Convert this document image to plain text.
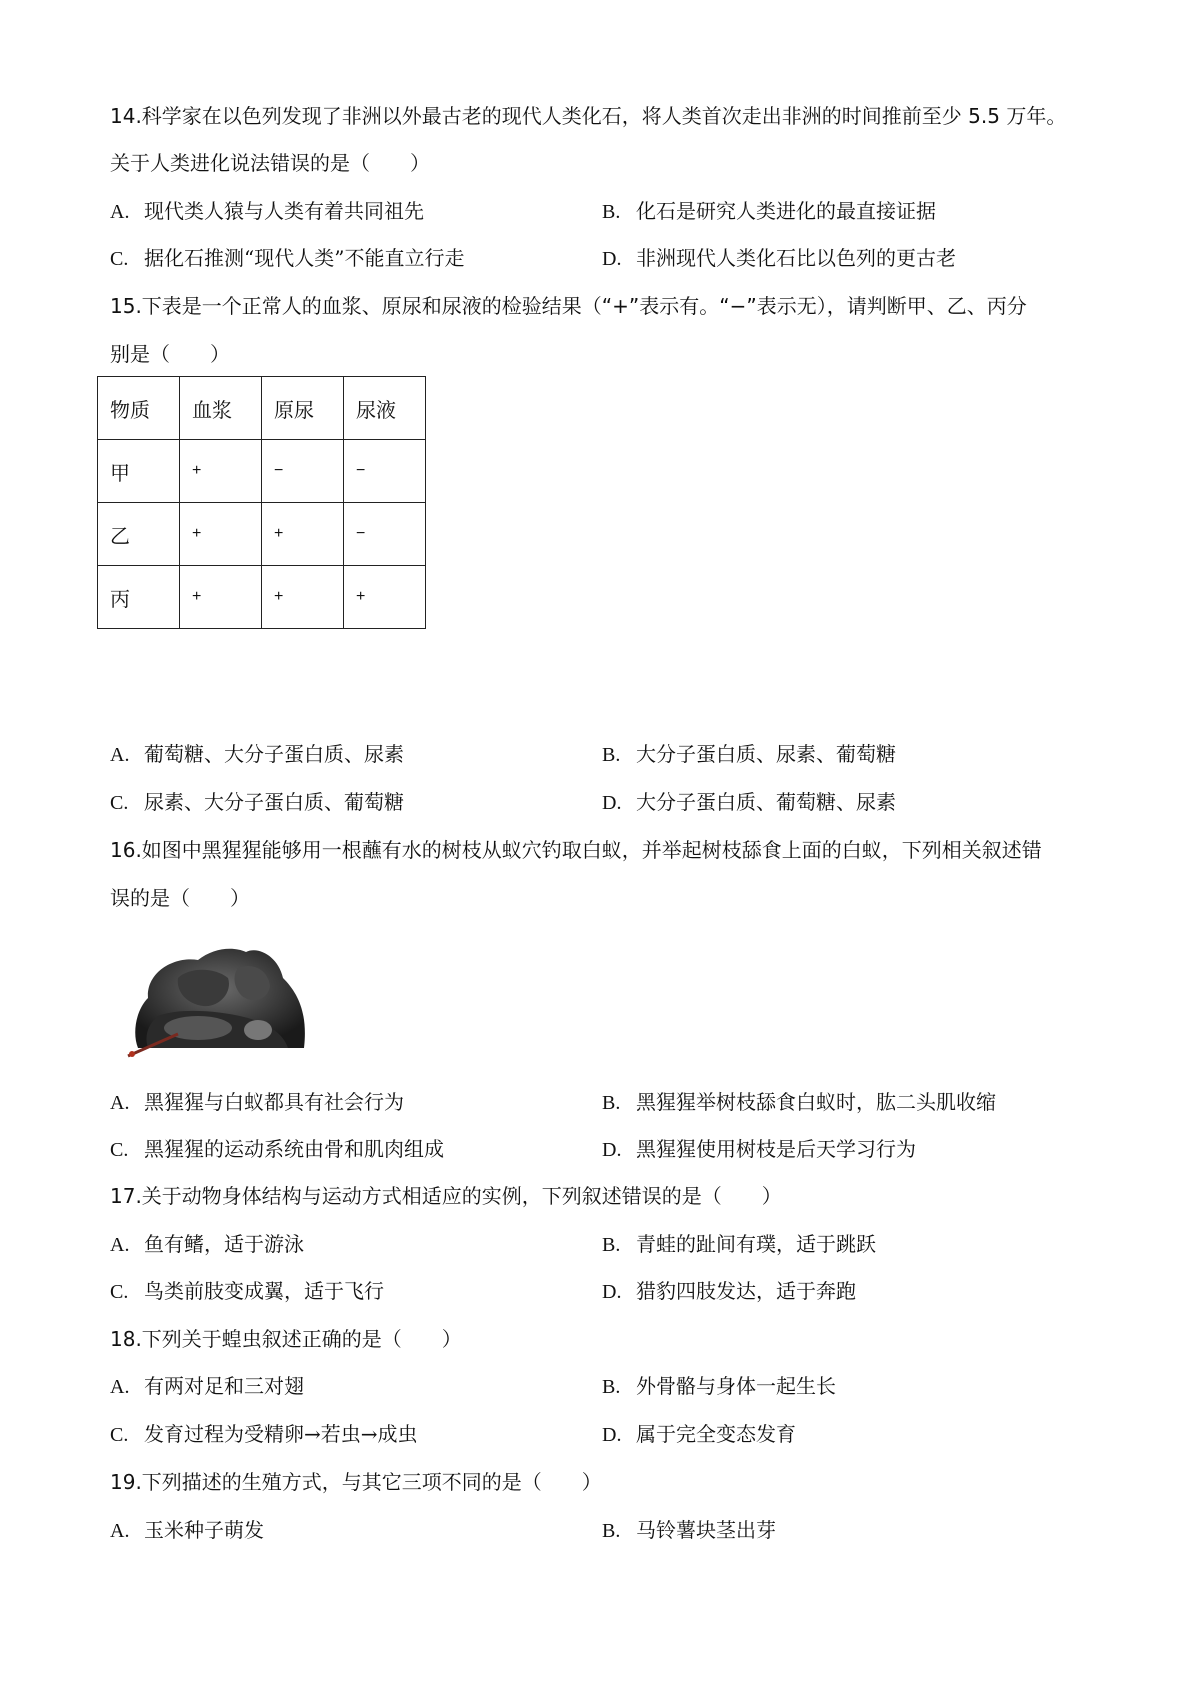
14.科学家在以色列发现了非洲以外最古老的现代人类化石，将人类首次走出非洲的时间推前至少 5.5 万年。
关于人类进化说法错误的是（　　）
A. 现代类人猿与人类有着共同祖先	B. 化石是研究人类进化的最直接证据
C. 据化石推测“现代人类”不能直立行走	D. 非洲现代人类化石比以色列的更古老
15.下表是一个正常人的血浆、原尿和尿液的检验结果（“+”表示有。“−”表示无），请判断甲、乙、丙分
别是（　　）
物质	血浆	原尿	尿液
甲	+	−	−
乙	+	+	−
丙	+	+	+
A. 葡萄糖、大分子蛋白质、尿素	B. 大分子蛋白质、尿素、葡萄糖
C. 尿素、大分子蛋白质、葡萄糖	D. 大分子蛋白质、葡萄糖、尿素
16.如图中黑猩猩能够用一根蘸有水的树枝从蚁穴钓取白蚁，并举起树枝舔食上面的白蚁，下列相关叙述错
误的是（　　）
A. 黑猩猩与白蚁都具有社会行为	B. 黑猩猩举树枝舔食白蚁时，肱二头肌收缩
C. 黑猩猩的运动系统由骨和肌肉组成	D. 黑猩猩使用树枝是后天学习行为
17.关于动物身体结构与运动方式相适应的实例，下列叙述错误的是（　　）
A. 鱼有鳍，适于游泳	B. 青蛙的趾间有璞，适于跳跃
C. 鸟类前肢变成翼，适于飞行	D. 猎豹四肢发达，适于奔跑
18.下列关于蝗虫叙述正确的是（　　）
A. 有两对足和三对翅	B. 外骨骼与身体一起生长
C. 发育过程为受精卵→若虫→成虫	D. 属于完全变态发育
19.下列描述的生殖方式，与其它三项不同的是（　　）
A. 玉米种子萌发	B. 马铃薯块茎出芽
